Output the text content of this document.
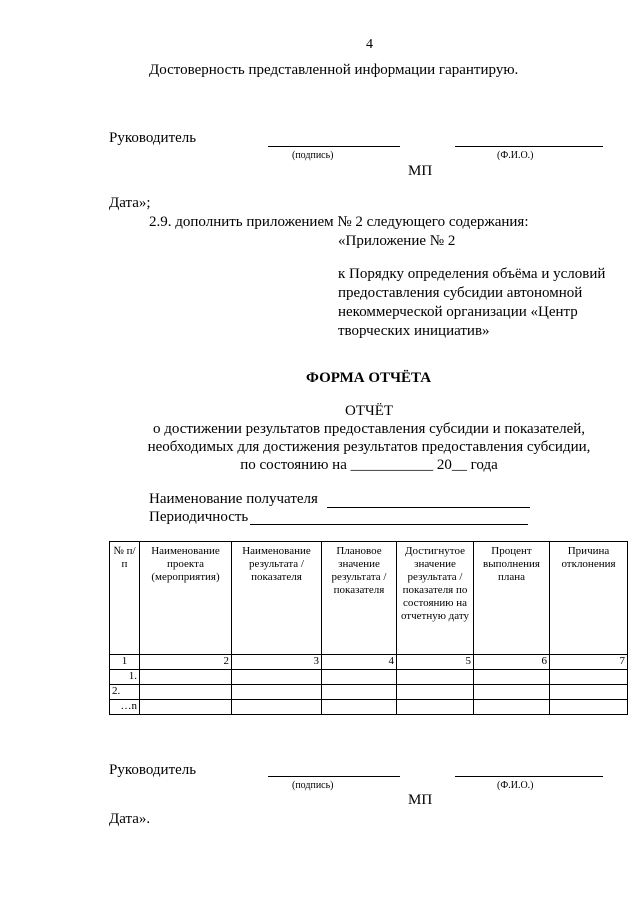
4
Достоверность представленной информации гарантирую.
Руководитель
(подпись)	(Ф.И.О.)
МП
Дата»;
2.9. дополнить приложением № 2 следующего содержания:
«Приложение № 2
к Порядку определения объёма и условий
предоставления субсидии автономной
некоммерческой организации «Центр
творческих инициатив»
ФОРМА ОТЧЁТА
ОТЧЁТ
о достижении результатов предоставления субсидии и показателей,
необходимых для достижения результатов предоставления субсидии,
по состоянию на ___________ 20__ года
Наименование получателя
Периодичность
№ п/п	Наименование проекта (мероприятия)	Наименование результата / показателя	Плановое значение результата / показателя	Достигнутое значение результата / показателя по состоянию на отчетную дату	Процент выполнения плана	Причина отклонения
1	2	3	4	5	6	7
1.						
2.						
…n						
Руководитель
(подпись)	(Ф.И.О.)
МП
Дата».
